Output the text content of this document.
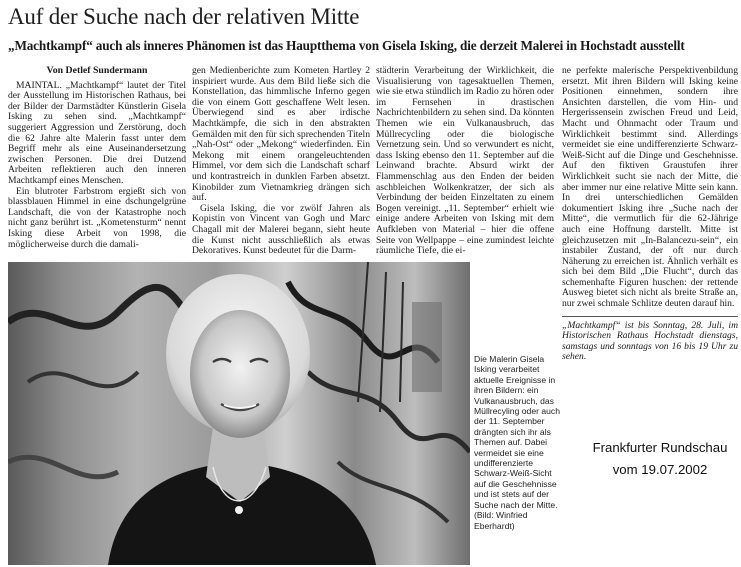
Auf der Suche nach der relativen Mitte
„Machtkampf“ auch als inneres Phänomen ist das Hauptthema von Gisela Isking, die derzeit Malerei in Hochstadt ausstellt

Von Detlef Sundermann

MAINTAL. „Machtkampf“ lautet der Titel der Ausstellung im Historischen Rathaus, bei der Bilder der Darmstädter Künstlerin Gisela Isking zu sehen sind. „Machtkampf“ suggeriert Aggression und Zerstörung, doch die 62 Jahre alte Malerin fasst unter dem Begriff mehr als eine Auseinandersetzung zwischen Personen. Die drei Dutzend Arbeiten reflektieren auch den inneren Machtkampf eines Menschen.

Ein blutroter Farbstrom ergießt sich von blassblauen Himmel in eine dschungelgrüne Landschaft, die von der Katastrophe noch nicht ganz berührt ist. „Kometensturm“ nennt Isking diese Arbeit von 1998, die möglicherweise durch die damali-

gen Medienberichte zum Kometen Hartley 2 inspiriert wurde. Aus dem Bild ließe sich die Konstellation, das himmlische Inferno gegen die von einem Gott geschaffene Welt lesen. Überwiegend sind es aber irdische Machtkämpfe, die sich in den abstrakten Gemälden mit den für sich sprechenden Titeln „Nah-Ost“ oder „Mekong“ wiederfinden. Ein Mekong mit einem orangeleuchtenden Himmel, vor dem sich die Landschaft scharf und kontrastreich in dunklen Farben absetzt. Kinobilder zum Vietnamkrieg drängen sich auf.

Gisela Isking, die vor zwölf Jahren als Kopistin von Vincent van Gogh und Marc Chagall mit der Malerei begann, sieht heute die Kunst nicht ausschließlich als etwas Dekoratives. Kunst bedeutet für die Darm-

städterin Verarbeitung der Wirklichkeit, die Visualisierung von tagesaktuellen Themen, wie sie etwa stündlich im Radio zu hören oder im Fernsehen in drastischen Nachrichtenbildern zu sehen sind. Da könnten Themen wie ein Vulkanausbruch, das Müllrecycling oder die biologische Vernetzung sein. Und so verwundert es nicht, dass Isking ebenso den 11. September auf die Leinwand brachte. Absurd wirkt der Flammenschlag aus den Enden der beiden aschbleichen Wolkenkratzer, der sich als Verbindung der beiden Einzeltaten zu einem Bogen vereinigt. „11. September“ erhielt wie einige andere Arbeiten von Isking mit dem Aufkleben von Material – hier die offene Seite von Wellpappe – eine zumindest leichte räumliche Tiefe, die ei-

ne perfekte malerische Perspektivenbildung ersetzt. Mit ihren Bildern will Isking keine Positionen einnehmen, sondern ihre Ansichten darstellen, die vom Hin- und Hergerissensein zwischen Freud und Leid, Macht und Ohnmacht oder Traum und Wirklichkeit bestimmt sind. Allerdings vermeidet sie eine undifferenzierte Schwarz-Weiß-Sicht auf die Dinge und Geschehnisse. Auf den fiktiven Graustufen ihrer Wirklichkeit sucht sie nach der Mitte, die aber immer nur eine relative Mitte sein kann. In drei unterschiedlichen Gemälden dokumentiert Isking ihre „Suche nach der Mitte“, die vermutlich für die 62-Jährige auch eine Hoffnung darstellt. Mitte ist gleichzusetzen mit „In-Balancezu-sein“, ein instabiler Zustand, der oft nur durch Näherung zu erreichen ist. Ähnlich verhält es sich bei dem Bild „Die Flucht“, durch das schemenhafte Figuren huschen: der rettende Ausweg bietet sich nicht als breite Straße an, nur zwei schmale Schlitze deuten darauf hin.

„Machtkampf“ ist bis Sonntag, 28. Juli, im Historischen Rathaus Hochstadt dienstags, samstags und sonntags von 16 bis 19 Uhr zu sehen.

Die Malerin Gisela Isking verarbeitet aktuelle Ereignisse in ihren Bildern: ein Vulkanausbruch, das Müllrecyling oder auch der 11. September drängten sich ihr als Themen auf. Dabei vermeidet sie eine undifferenzierte Schwarz-Weiß-Sicht auf die Geschehnisse und ist stets auf der Suche nach der Mitte. (Bild: Winfried Eberhardt)
Frankfurter Rundschau
vom 19.07.2002
